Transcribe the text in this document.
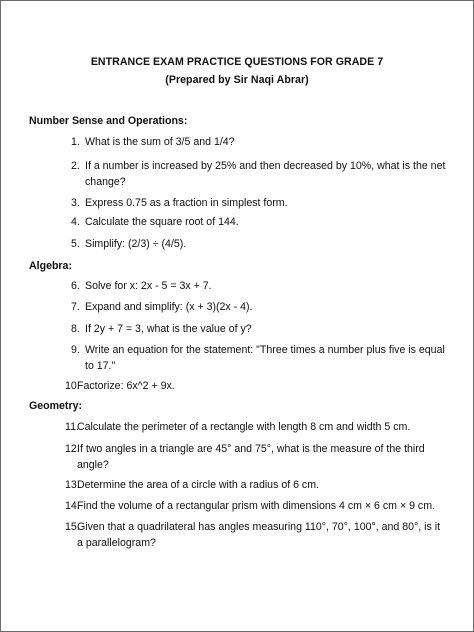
ENTRANCE EXAM PRACTICE QUESTIONS FOR GRADE 7
(Prepared by Sir Naqi Abrar)
Number Sense and Operations:
1. What is the sum of 3/5 and 1/4?
2. If a number is increased by 25% and then decreased by 10%, what is the net change?
3. Express 0.75 as a fraction in simplest form.
4. Calculate the square root of 144.
5. Simplify: (2/3) ÷ (4/5).
Algebra:
6. Solve for x: 2x - 5 = 3x + 7.
7. Expand and simplify: (x + 3)(2x - 4).
8. If 2y + 7 = 3, what is the value of y?
9. Write an equation for the statement: "Three times a number plus five is equal to 17."
10.
Factorize: 6x^2 + 9x.
Geometry:
11.
Calculate the perimeter of a rectangle with length 8 cm and width 5 cm.
12.
If two angles in a triangle are 45° and 75°, what is the measure of the third angle?
13.
Determine the area of a circle with a radius of 6 cm.
14.
Find the volume of a rectangular prism with dimensions 4 cm × 6 cm × 9 cm.
15.
Given that a quadrilateral has angles measuring 110°, 70°, 100°, and 80°, is it a parallelogram?
